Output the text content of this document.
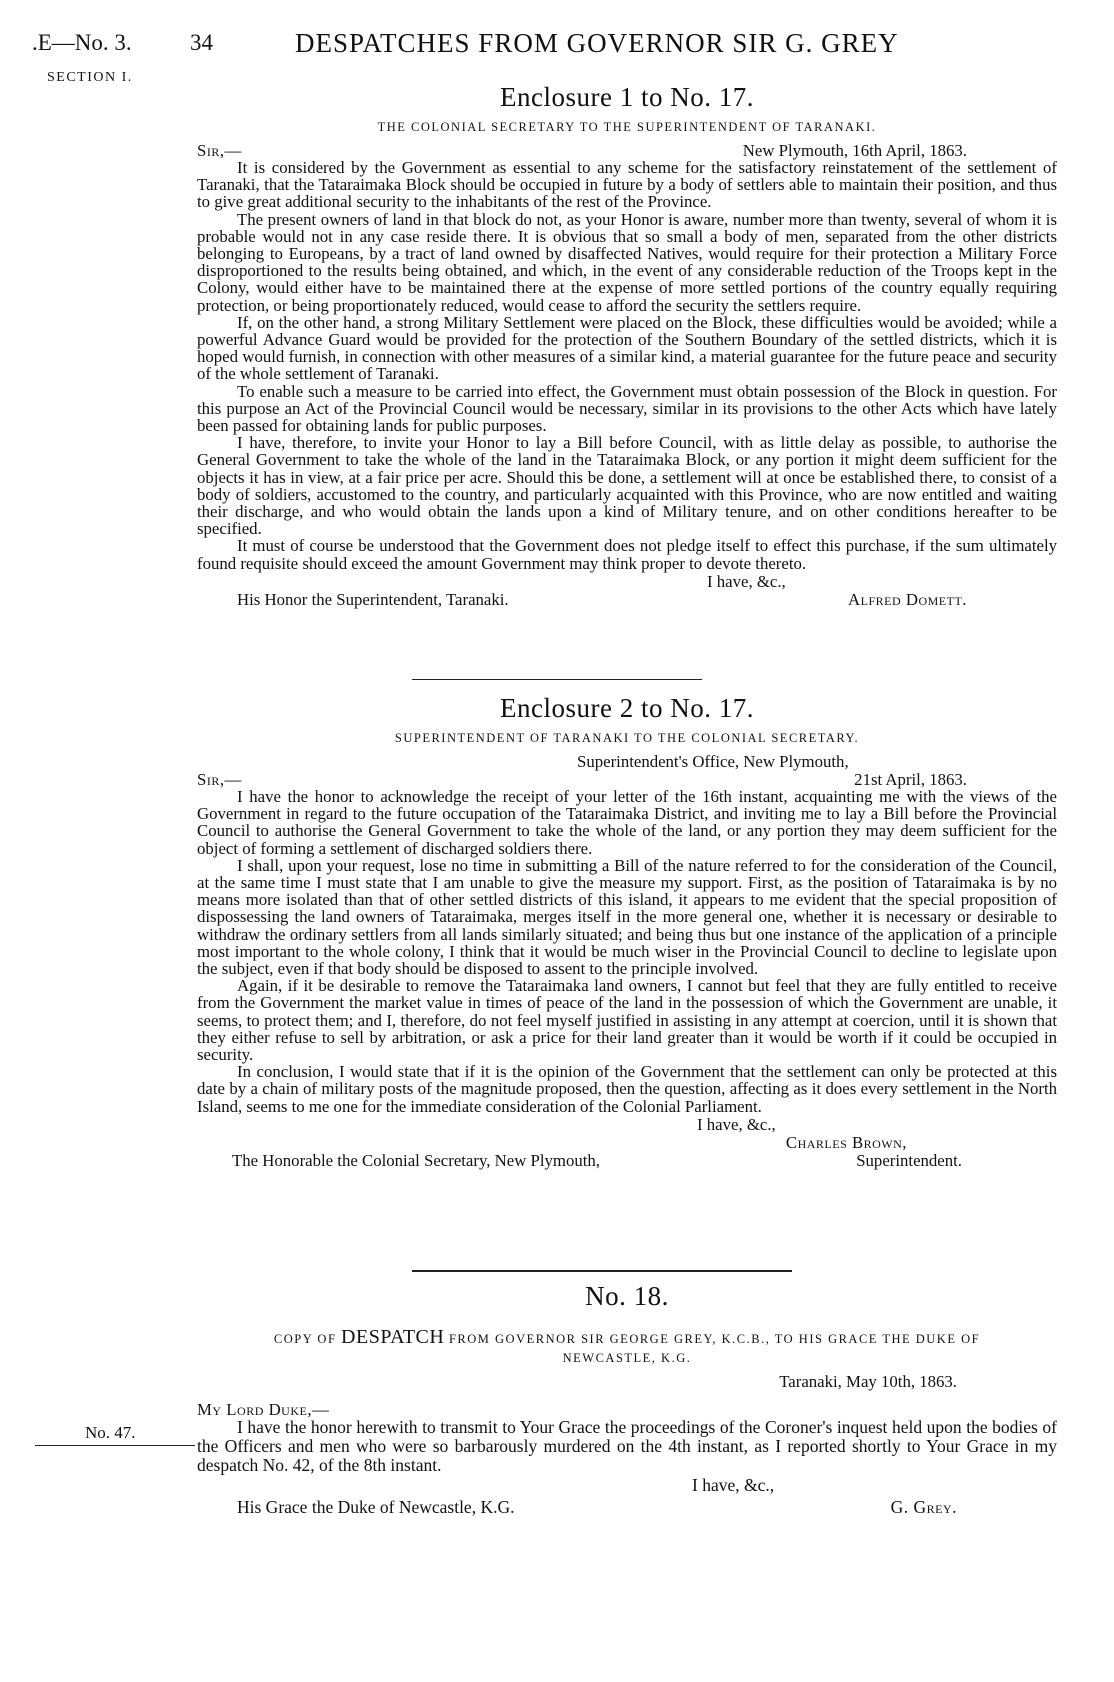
.E—No. 3.
SECTION I.
34	DESPATCHES FROM GOVERNOR SIR G. GREY
Enclosure 1 to No. 17.
THE COLONIAL SECRETARY TO THE SUPERINTENDENT OF TARANAKI.
Sir,—	New Plymouth, 16th April, 1863.

It is considered by the Government as essential to any scheme for the satisfactory reinstatement of the settlement of Taranaki, that the Tataraimaka Block should be occupied in future by a body of settlers able to maintain their position, and thus to give great additional security to the inhabitants of the rest of the Province.

The present owners of land in that block do not, as your Honor is aware, number more than twenty, several of whom it is probable would not in any case reside there. It is obvious that so small a body of men, separated from the other districts belonging to Europeans, by a tract of land owned by disaffected Natives, would require for their protection a Military Force disproportioned to the results being obtained, and which, in the event of any considerable reduction of the Troops kept in the Colony, would either have to be maintained there at the expense of more settled portions of the country equally requiring protection, or being proportionately reduced, would cease to afford the security the settlers require.

If, on the other hand, a strong Military Settlement were placed on the Block, these difficulties would be avoided; while a powerful Advance Guard would be provided for the protection of the Southern Boundary of the settled districts, which it is hoped would furnish, in connection with other measures of a similar kind, a material guarantee for the future peace and security of the whole settlement of Taranaki.

To enable such a measure to be carried into effect, the Government must obtain possession of the Block in question. For this purpose an Act of the Provincial Council would be necessary, similar in its provisions to the other Acts which have lately been passed for obtaining lands for public purposes.

I have, therefore, to invite your Honor to lay a Bill before Council, with as little delay as possible, to authorise the General Government to take the whole of the land in the Tataraimaka Block, or any portion it might deem sufficient for the objects it has in view, at a fair price per acre. Should this be done, a settlement will at once be established there, to consist of a body of soldiers, accustomed to the country, and particularly acquainted with this Province, who are now entitled and waiting their discharge, and who would obtain the lands upon a kind of Military tenure, and on other conditions hereafter to be specified.

It must of course be understood that the Government does not pledge itself to effect this purchase, if the sum ultimately found requisite should exceed the amount Government may think proper to devote thereto.

I have, &c.,
His Honor the Superintendent, Taranaki.	Alfred Domett.
Enclosure 2 to No. 17.
SUPERINTENDENT OF TARANAKI TO THE COLONIAL SECRETARY.
Superintendent's Office, New Plymouth,
Sir,—	21st April, 1863.

I have the honor to acknowledge the receipt of your letter of the 16th instant, acquainting me with the views of the Government in regard to the future occupation of the Tataraimaka District, and inviting me to lay a Bill before the Provincial Council to authorise the General Government to take the whole of the land, or any portion they may deem sufficient for the object of forming a settlement of discharged soldiers there.

I shall, upon your request, lose no time in submitting a Bill of the nature referred to for the consideration of the Council, at the same time I must state that I am unable to give the measure my support. First, as the position of Tataraimaka is by no means more isolated than that of other settled districts of this island, it appears to me evident that the special proposition of dispossessing the land owners of Tataraimaka, merges itself in the more general one, whether it is necessary or desirable to withdraw the ordinary settlers from all lands similarly situated; and being thus but one instance of the application of a principle most important to the whole colony, I think that it would be much wiser in the Provincial Council to decline to legislate upon the subject, even if that body should be disposed to assent to the principle involved.

Again, if it be desirable to remove the Tataraimaka land owners, I cannot but feel that they are fully entitled to receive from the Government the market value in times of peace of the land in the possession of which the Government are unable, it seems, to protect them; and I, therefore, do not feel myself justified in assisting in any attempt at coercion, until it is shown that they either refuse to sell by arbitration, or ask a price for their land greater than it would be worth if it could be occupied in security.

In conclusion, I would state that if it is the opinion of the Government that the settlement can only be protected at this date by a chain of military posts of the magnitude proposed, then the question, affecting as it does every settlement in the North Island, seems to me one for the immediate consideration of the Colonial Parliament.

I have, &c.,
Charles Brown,
The Honorable the Colonial Secretary, New Plymouth,	Superintendent.
No. 47.
No. 18.
COPY OF DESPATCH FROM GOVERNOR SIR GEORGE GREY, K.C.B., TO HIS GRACE THE DUKE OF
NEWCASTLE, K.G.
Taranaki, May 10th, 1863.
My Lord Duke,—

I have the honor herewith to transmit to Your Grace the proceedings of the Coroner's inquest held upon the bodies of the Officers and men who were so barbarously murdered on the 4th instant, as I reported shortly to Your Grace in my despatch No. 42, of the 8th instant.

I have, &c.,
His Grace the Duke of Newcastle, K.G.	G. Grey.
